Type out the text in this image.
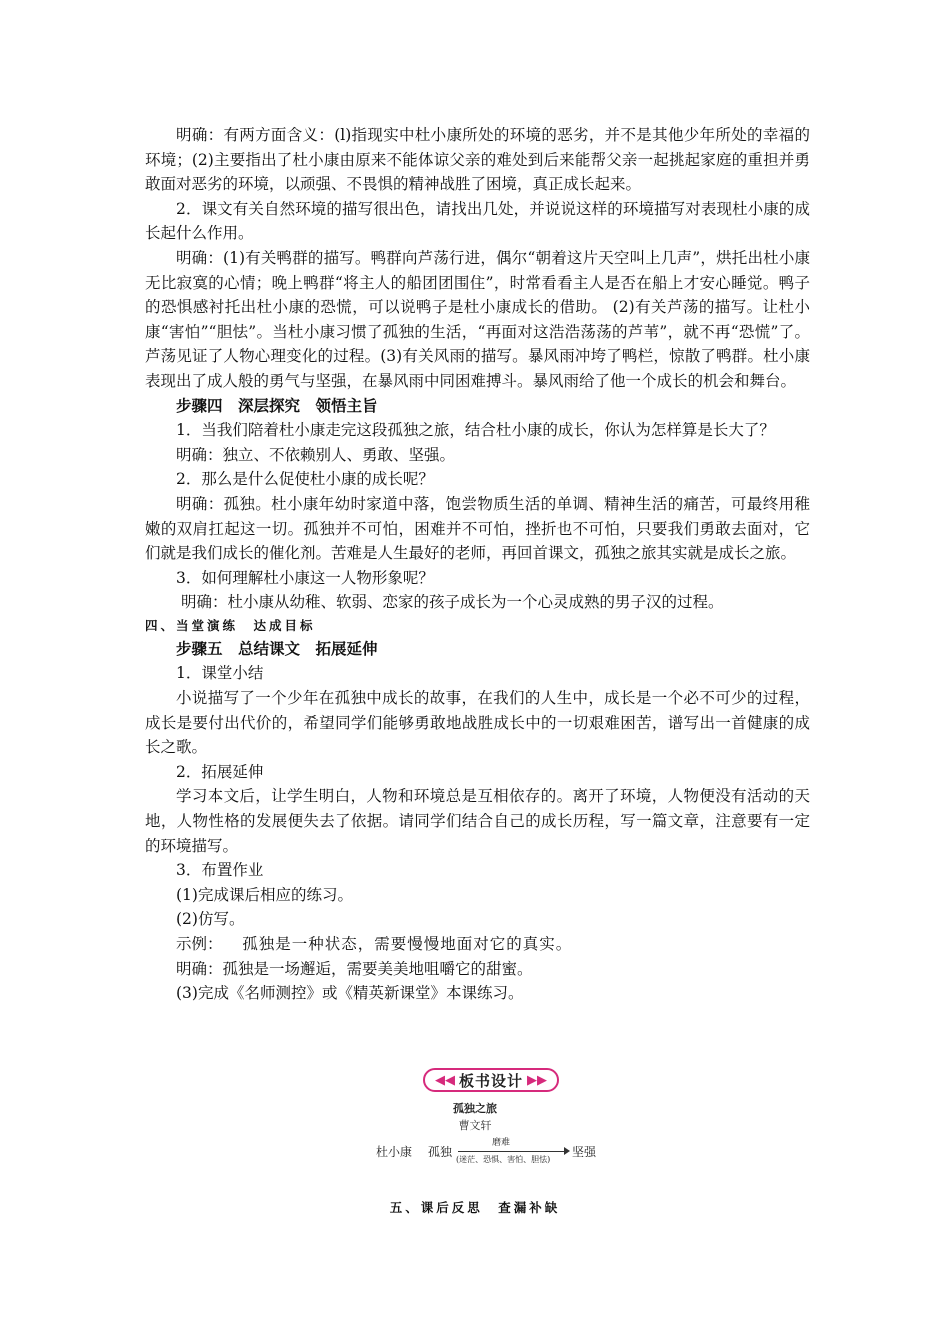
明确：有两方面含义：(l)指现实中杜小康所处的环境的恶劣，并不是其他少年所处的幸福的环境；(2)主要指出了杜小康由原来不能体谅父亲的难处到后来能帮父亲一起挑起家庭的重担并勇敢面对恶劣的环境，以顽强、不畏惧的精神战胜了困境，真正成长起来。

2．课文有关自然环境的描写很出色，请找出几处，并说说这样的环境描写对表现杜小康的成长起什么作用。

明确：(1)有关鸭群的描写。鸭群向芦荡行进，偶尔“朝着这片天空叫上几声”，烘托出杜小康无比寂寞的心情；晚上鸭群“将主人的船团团围住”，时常看看主人是否在船上才安心睡觉。鸭子的恐惧感衬托出杜小康的恐慌，可以说鸭子是杜小康成长的借助。 (2)有关芦荡的描写。让杜小康“害怕”“胆怯”。当杜小康习惯了孤独的生活，“再面对这浩浩荡荡的芦苇”，就不再“恐慌”了。芦荡见证了人物心理变化的过程。(3)有关风雨的描写。暴风雨冲垮了鸭栏，惊散了鸭群。杜小康表现出了成人般的勇气与坚强，在暴风雨中同困难搏斗。暴风雨给了他一个成长的机会和舞台。

步骤四　深层探究　领悟主旨

1．当我们陪着杜小康走完这段孤独之旅，结合杜小康的成长，你认为怎样算是长大了？

明确：独立、不依赖别人、勇敢、坚强。

2．那么是什么促使杜小康的成长呢？

明确：孤独。杜小康年幼时家道中落，饱尝物质生活的单调、精神生活的痛苦，可最终用稚嫩的双肩扛起这一切。孤独并不可怕，困难并不可怕，挫折也不可怕，只要我们勇敢去面对，它们就是我们成长的催化剂。苦难是人生最好的老师，再回首课文，孤独之旅其实就是成长之旅。

3．如何理解杜小康这一人物形象呢？

明确：杜小康从幼稚、软弱、恋家的孩子成长为一个心灵成熟的男子汉的过程。

四、当堂演练　达成目标

步骤五　总结课文　拓展延伸

1．课堂小结

小说描写了一个少年在孤独中成长的故事，在我们的人生中，成长是一个必不可少的过程，成长是要付出代价的，希望同学们能够勇敢地战胜成长中的一切艰难困苦，谱写出一首健康的成长之歌。

2．拓展延伸

学习本文后，让学生明白，人物和环境总是互相依存的。离开了环境，人物便没有活动的天地，人物性格的发展便失去了依据。请同学们结合自己的成长历程，写一篇文章，注意要有一定的环境描写。

3．布置作业

(1)完成课后相应的练习。

(2)仿写。

示例： 孤独是一种状态，需要慢慢地面对它的真实。

明确：孤独是一场邂逅，需要美美地咀嚼它的甜蜜。

(3)完成《名师测控》或《精英新课堂》本课练习。

◀◀ 板书设计 ▶▶
孤独之旅
曹文轩
杜小康 孤独
磨难
(迷茫、恐惧、害怕、胆怯)
坚强
五、课后反思　查漏补缺
